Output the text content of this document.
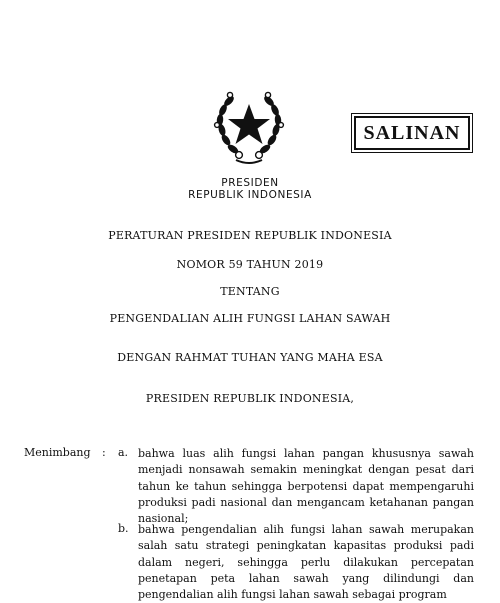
SALINAN
PRESIDEN
REPUBLIK INDONESIA
PERATURAN PRESIDEN REPUBLIK INDONESIA
NOMOR 59 TAHUN 2019
TENTANG
PENGENDALIAN ALIH FUNGSI LAHAN SAWAH
DENGAN RAHMAT TUHAN YANG MAHA ESA
PRESIDEN REPUBLIK INDONESIA,
Menimbang : a. bahwa luas alih fungsi lahan pangan khususnya sawah menjadi nonsawah semakin meningkat dengan pesat dari tahun ke tahun sehingga berpotensi dapat mempengaruhi produksi padi nasional dan mengancam ketahanan pangan nasional;
b. bahwa pengendalian alih fungsi lahan sawah merupakan salah satu strategi peningkatan kapasitas produksi padi dalam negeri, sehingga perlu dilakukan percepatan penetapan peta lahan sawah yang dilindungi dan pengendalian alih fungsi lahan sawah sebagai program
